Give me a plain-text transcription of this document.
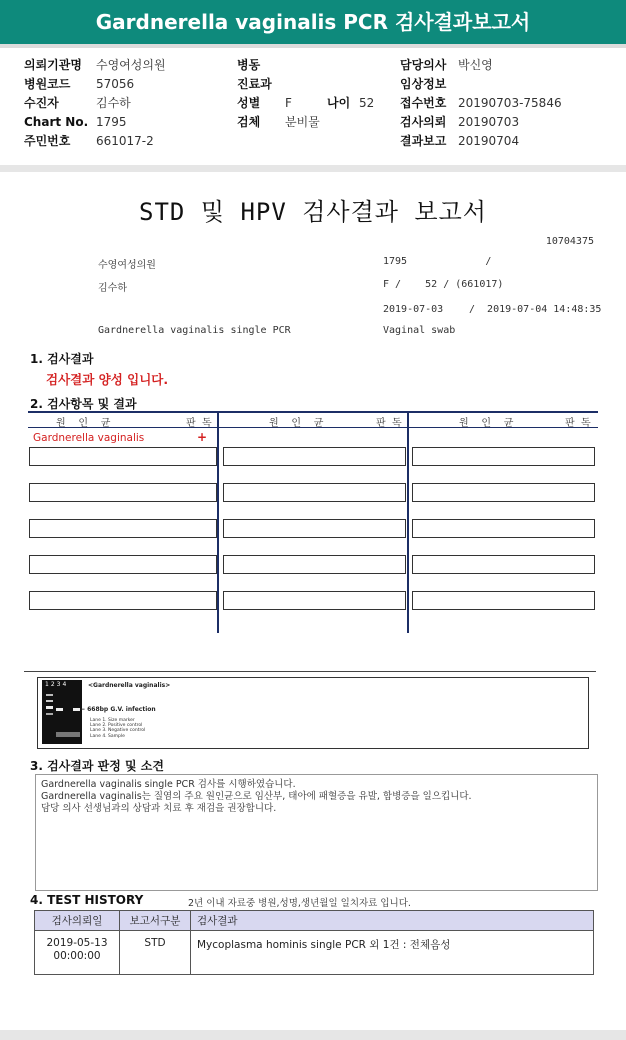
Gardnerella vaginalis PCR 검사결과보고서
의뢰기관명 수영여성의원
병원코드 57056
수진자	김수하
Chart No. 1795
주민번호 661017-2
병동
진료과
성별 F	나이 52
검체 분비물
담당의사 박신영
임상정보
접수번호 20190703-75846
검사의뢰 20190703
결과보고 20190704
STD 및 HPV 검사결과 보고서
10704375
수영여성의원	1795             /
김수하	F /    52 / (661017)
2019-07-03	/  2019-07-04 14:48:35
Gardnerella vaginalis single PCR	Vaginal swab
1. 검사결과
검사결과 양성 입니다.
2. 검사항목 및 결과
원    인    균	판  독	원    인    균	판  독	원    인    균	판  독
Gardnerella vaginalis	+
1234	<Gardnerella vaginalis>
← 668bp G.V. infection
Lane 1. Size marker
Lane 2. Positive control
Lane 3. Negative control
Lane 4. Sample
3. 검사결과 판정 및 소견
Gardnerella vaginalis single PCR 검사를 시행하였습니다.
Gardnerella vaginalis는 질염의 주요 원인균으로 임산부, 태아에 패혈증을 유발, 합병증을 일으킵니다.
담당 의사 선생님과의 상담과 치료 후 재검을 권장합니다.
4. TEST HISTORY	2년 이내 자료중 병원,성명,생년월일 일치자료 입니다.
검사의뢰일	보고서구분	검사결과

2019-05-13
00:00:00	STD	Mycoplasma hominis single PCR 외 1건 : 전체음성
